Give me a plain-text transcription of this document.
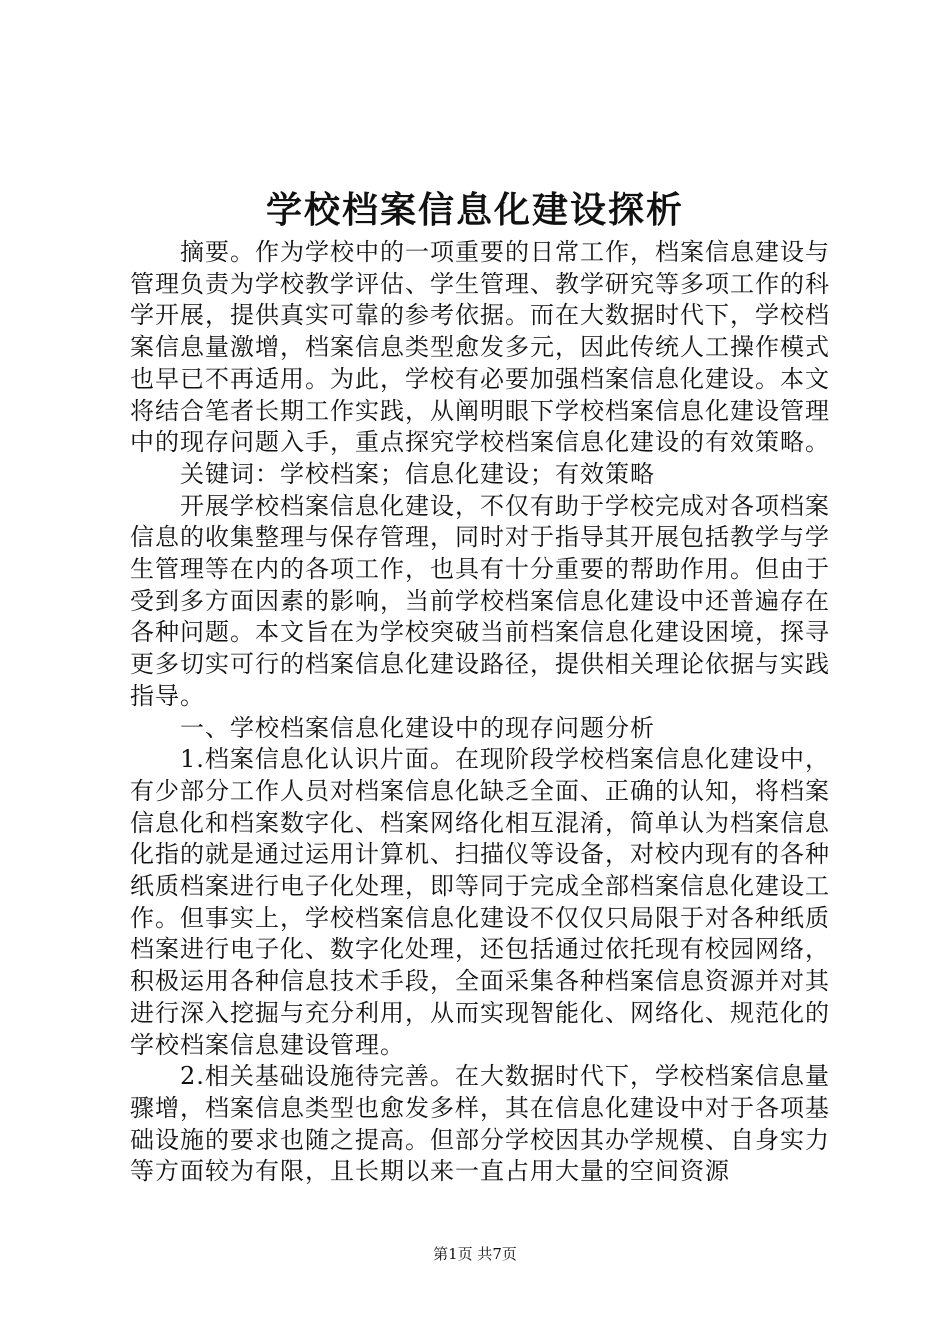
学校档案信息化建设探析

摘要。作为学校中的一项重要的日常工作，档案信息建设与管理负责为学校教学评估、学生管理、教学研究等多项工作的科学开展，提供真实可靠的参考依据。而在大数据时代下，学校档案信息量激增，档案信息类型愈发多元，因此传统人工操作模式也早已不再适用。为此，学校有必要加强档案信息化建设。本文将结合笔者长期工作实践，从阐明眼下学校档案信息化建设管理中的现存问题入手，重点探究学校档案信息化建设的有效策略。

关键词：学校档案；信息化建设；有效策略

开展学校档案信息化建设，不仅有助于学校完成对各项档案信息的收集整理与保存管理，同时对于指导其开展包括教学与学生管理等在内的各项工作，也具有十分重要的帮助作用。但由于受到多方面因素的影响，当前学校档案信息化建设中还普遍存在各种问题。本文旨在为学校突破当前档案信息化建设困境，探寻更多切实可行的档案信息化建设路径，提供相关理论依据与实践指导。

一、学校档案信息化建设中的现存问题分析

1.档案信息化认识片面。在现阶段学校档案信息化建设中，有少部分工作人员对档案信息化缺乏全面、正确的认知，将档案信息化和档案数字化、档案网络化相互混淆，简单认为档案信息化指的就是通过运用计算机、扫描仪等设备，对校内现有的各种纸质档案进行电子化处理，即等同于完成全部档案信息化建设工作。但事实上，学校档案信息化建设不仅仅只局限于对各种纸质档案进行电子化、数字化处理，还包括通过依托现有校园网络，积极运用各种信息技术手段，全面采集各种档案信息资源并对其进行深入挖掘与充分利用，从而实现智能化、网络化、规范化的学校档案信息建设管理。

2.相关基础设施待完善。在大数据时代下，学校档案信息量骤增，档案信息类型也愈发多样，其在信息化建设中对于各项基础设施的要求也随之提高。但部分学校因其办学规模、自身实力等方面较为有限，且长期以来一直占用大量的空间资源

第1页 共7页
